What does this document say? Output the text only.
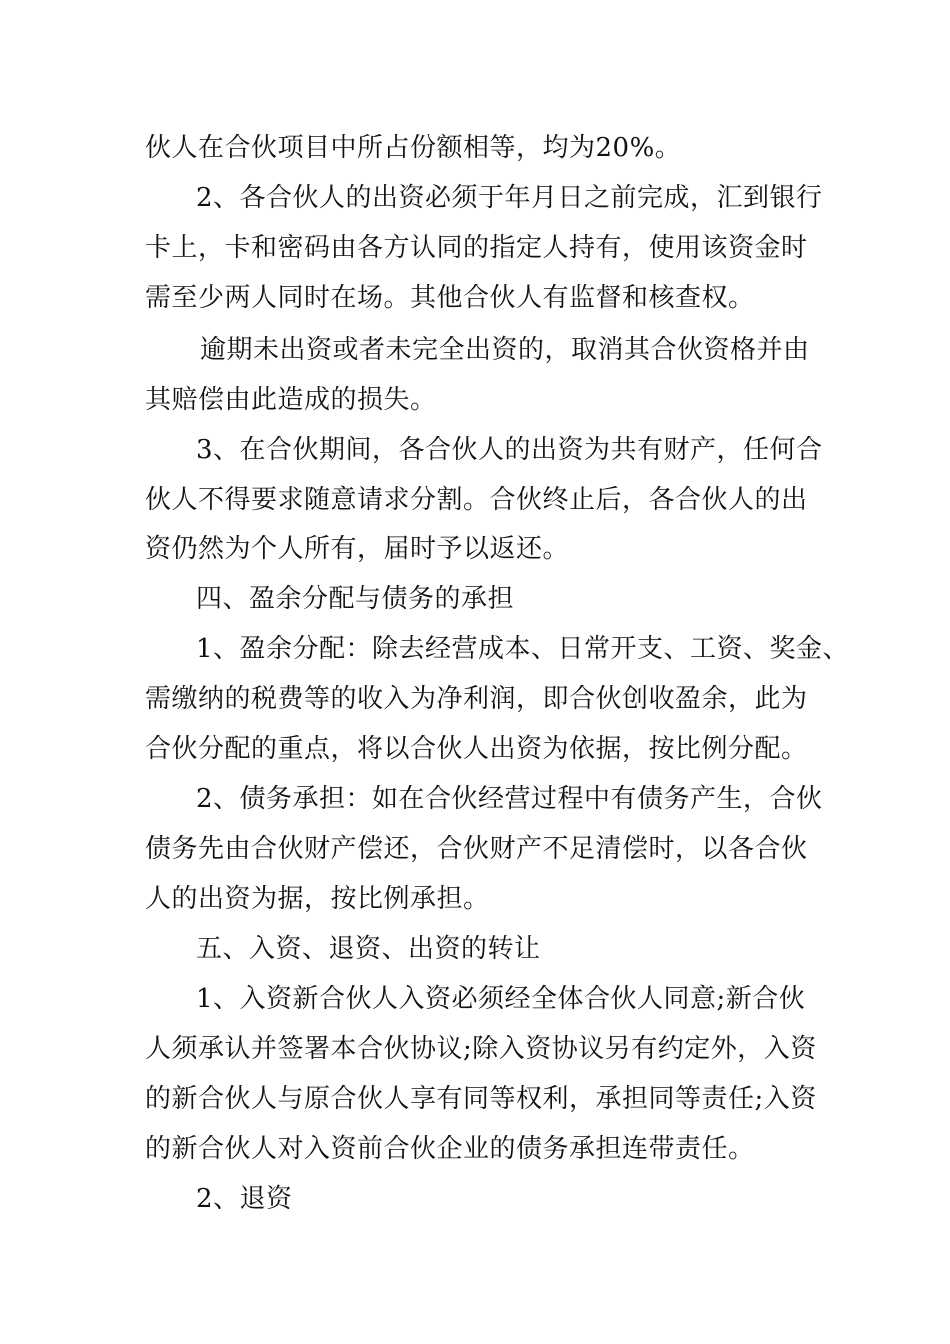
伙人在合伙项目中所占份额相等，均为20%。
2、各合伙人的出资必须于年月日之前完成，汇到银行
卡上，卡和密码由各方认同的指定人持有，使用该资金时
需至少两人同时在场。其他合伙人有监督和核查权。
逾期未出资或者未完全出资的，取消其合伙资格并由
其赔偿由此造成的损失。
3、在合伙期间，各合伙人的出资为共有财产，任何合
伙人不得要求随意请求分割。合伙终止后，各合伙人的出
资仍然为个人所有，届时予以返还。
四、盈余分配与债务的承担
1、盈余分配：除去经营成本、日常开支、工资、奖金、
需缴纳的税费等的收入为净利润，即合伙创收盈余，此为
合伙分配的重点，将以合伙人出资为依据，按比例分配。
2、债务承担：如在合伙经营过程中有债务产生，合伙
债务先由合伙财产偿还，合伙财产不足清偿时，以各合伙
人的出资为据，按比例承担。
五、入资、退资、出资的转让
1、入资新合伙人入资必须经全体合伙人同意;新合伙
人须承认并签署本合伙协议;除入资协议另有约定外，入资
的新合伙人与原合伙人享有同等权利，承担同等责任;入资
的新合伙人对入资前合伙企业的债务承担连带责任。
2、退资
